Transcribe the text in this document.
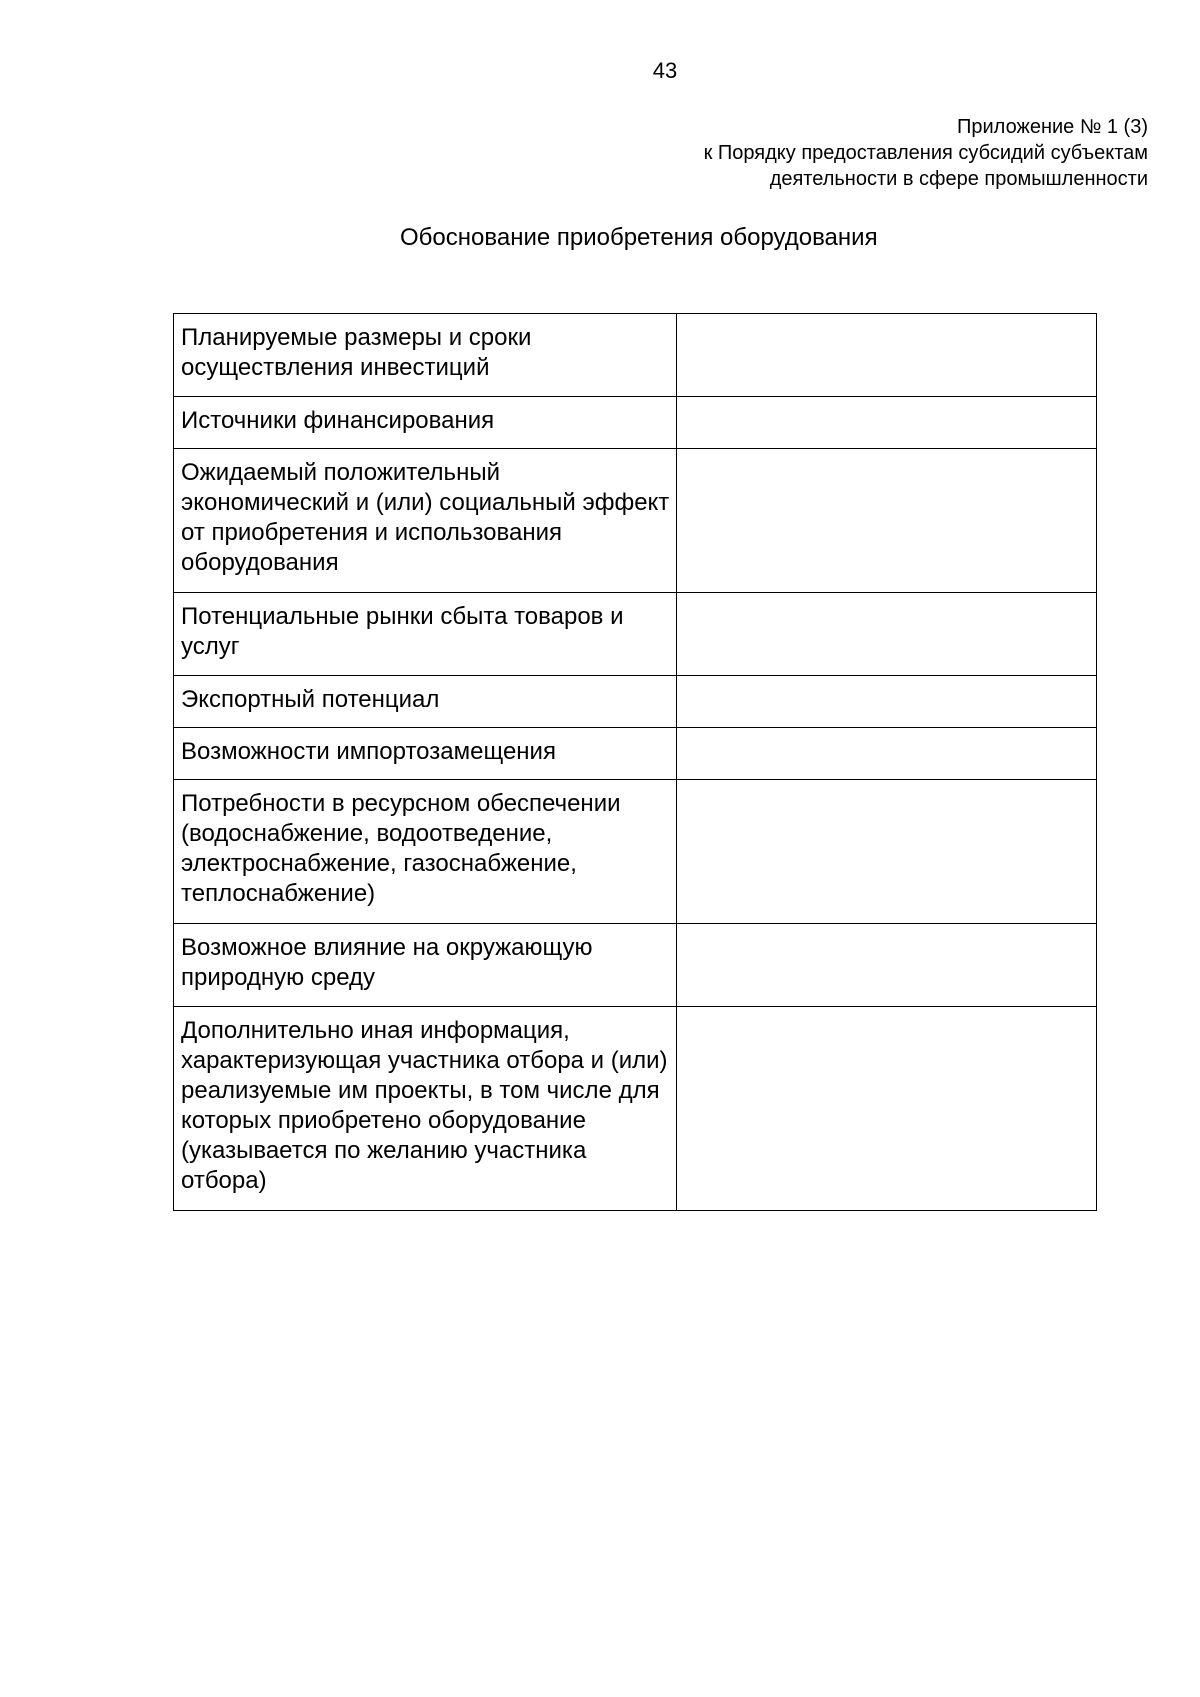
43
Приложение № 1 (3)
к Порядку предоставления субсидий субъектам
деятельности в сфере промышленности
Обоснование приобретения оборудования
Планируемые размеры и сроки осуществления инвестиций	
Источники финансирования	
Ожидаемый положительный экономический и (или) социальный эффект от приобретения и использования оборудования	
Потенциальные рынки сбыта товаров и услуг	
Экспортный потенциал	
Возможности импортозамещения	
Потребности в ресурсном обеспечении (водоснабжение, водоотведение, электроснабжение, газоснабжение, теплоснабжение)	
Возможное влияние на окружающую природную среду	
Дополнительно иная информация, характеризующая участника отбора и (или) реализуемые им проекты, в том числе для которых приобретено оборудование (указывается по желанию участника отбора)	
